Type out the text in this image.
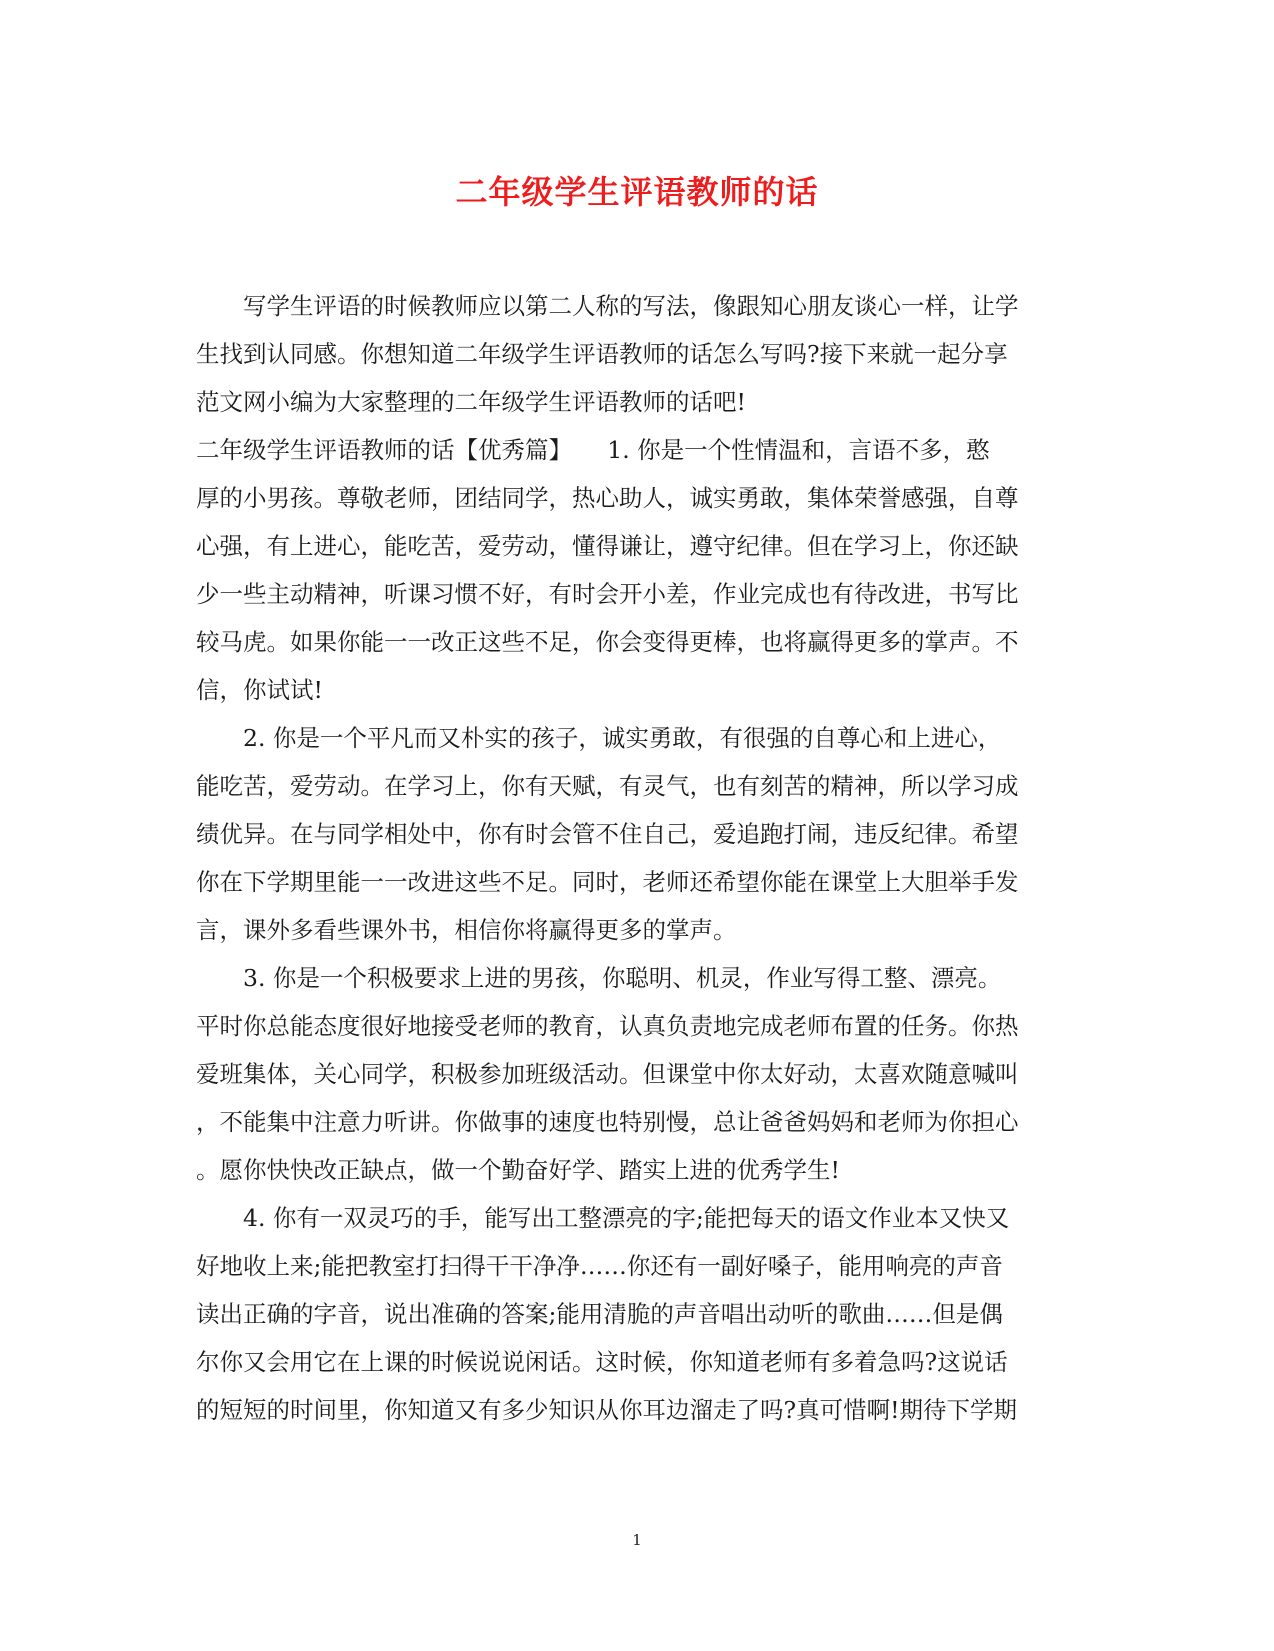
二年级学生评语教师的话
写学生评语的时候教师应以第二人称的写法，像跟知心朋友谈心一样，让学
生找到认同感。你想知道二年级学生评语教师的话怎么写吗?接下来就一起分享
范文网小编为大家整理的二年级学生评语教师的话吧!
二年级学生评语教师的话【优秀篇】　　1. 你是一个性情温和，言语不多，憨
厚的小男孩。尊敬老师，团结同学，热心助人，诚实勇敢，集体荣誉感强，自尊
心强，有上进心，能吃苦，爱劳动，懂得谦让，遵守纪律。但在学习上，你还缺
少一些主动精神，听课习惯不好，有时会开小差，作业完成也有待改进，书写比
较马虎。如果你能一一改正这些不足，你会变得更棒，也将赢得更多的掌声。不
信，你试试!
2. 你是一个平凡而又朴实的孩子，诚实勇敢，有很强的自尊心和上进心，
能吃苦，爱劳动。在学习上，你有天赋，有灵气，也有刻苦的精神，所以学习成
绩优异。在与同学相处中，你有时会管不住自己，爱追跑打闹，违反纪律。希望
你在下学期里能一一改进这些不足。同时，老师还希望你能在课堂上大胆举手发
言，课外多看些课外书，相信你将赢得更多的掌声。
3. 你是一个积极要求上进的男孩，你聪明、机灵，作业写得工整、漂亮。
平时你总能态度很好地接受老师的教育，认真负责地完成老师布置的任务。你热
爱班集体，关心同学，积极参加班级活动。但课堂中你太好动，太喜欢随意喊叫
，不能集中注意力听讲。你做事的速度也特别慢，总让爸爸妈妈和老师为你担心
。愿你快快改正缺点，做一个勤奋好学、踏实上进的优秀学生!
4. 你有一双灵巧的手，能写出工整漂亮的字;能把每天的语文作业本又快又
好地收上来;能把教室打扫得干干净净……你还有一副好嗓子，能用响亮的声音
读出正确的字音，说出准确的答案;能用清脆的声音唱出动听的歌曲……但是偶
尔你又会用它在上课的时候说说闲话。这时候，你知道老师有多着急吗?这说话
的短短的时间里，你知道又有多少知识从你耳边溜走了吗?真可惜啊!期待下学期
1
